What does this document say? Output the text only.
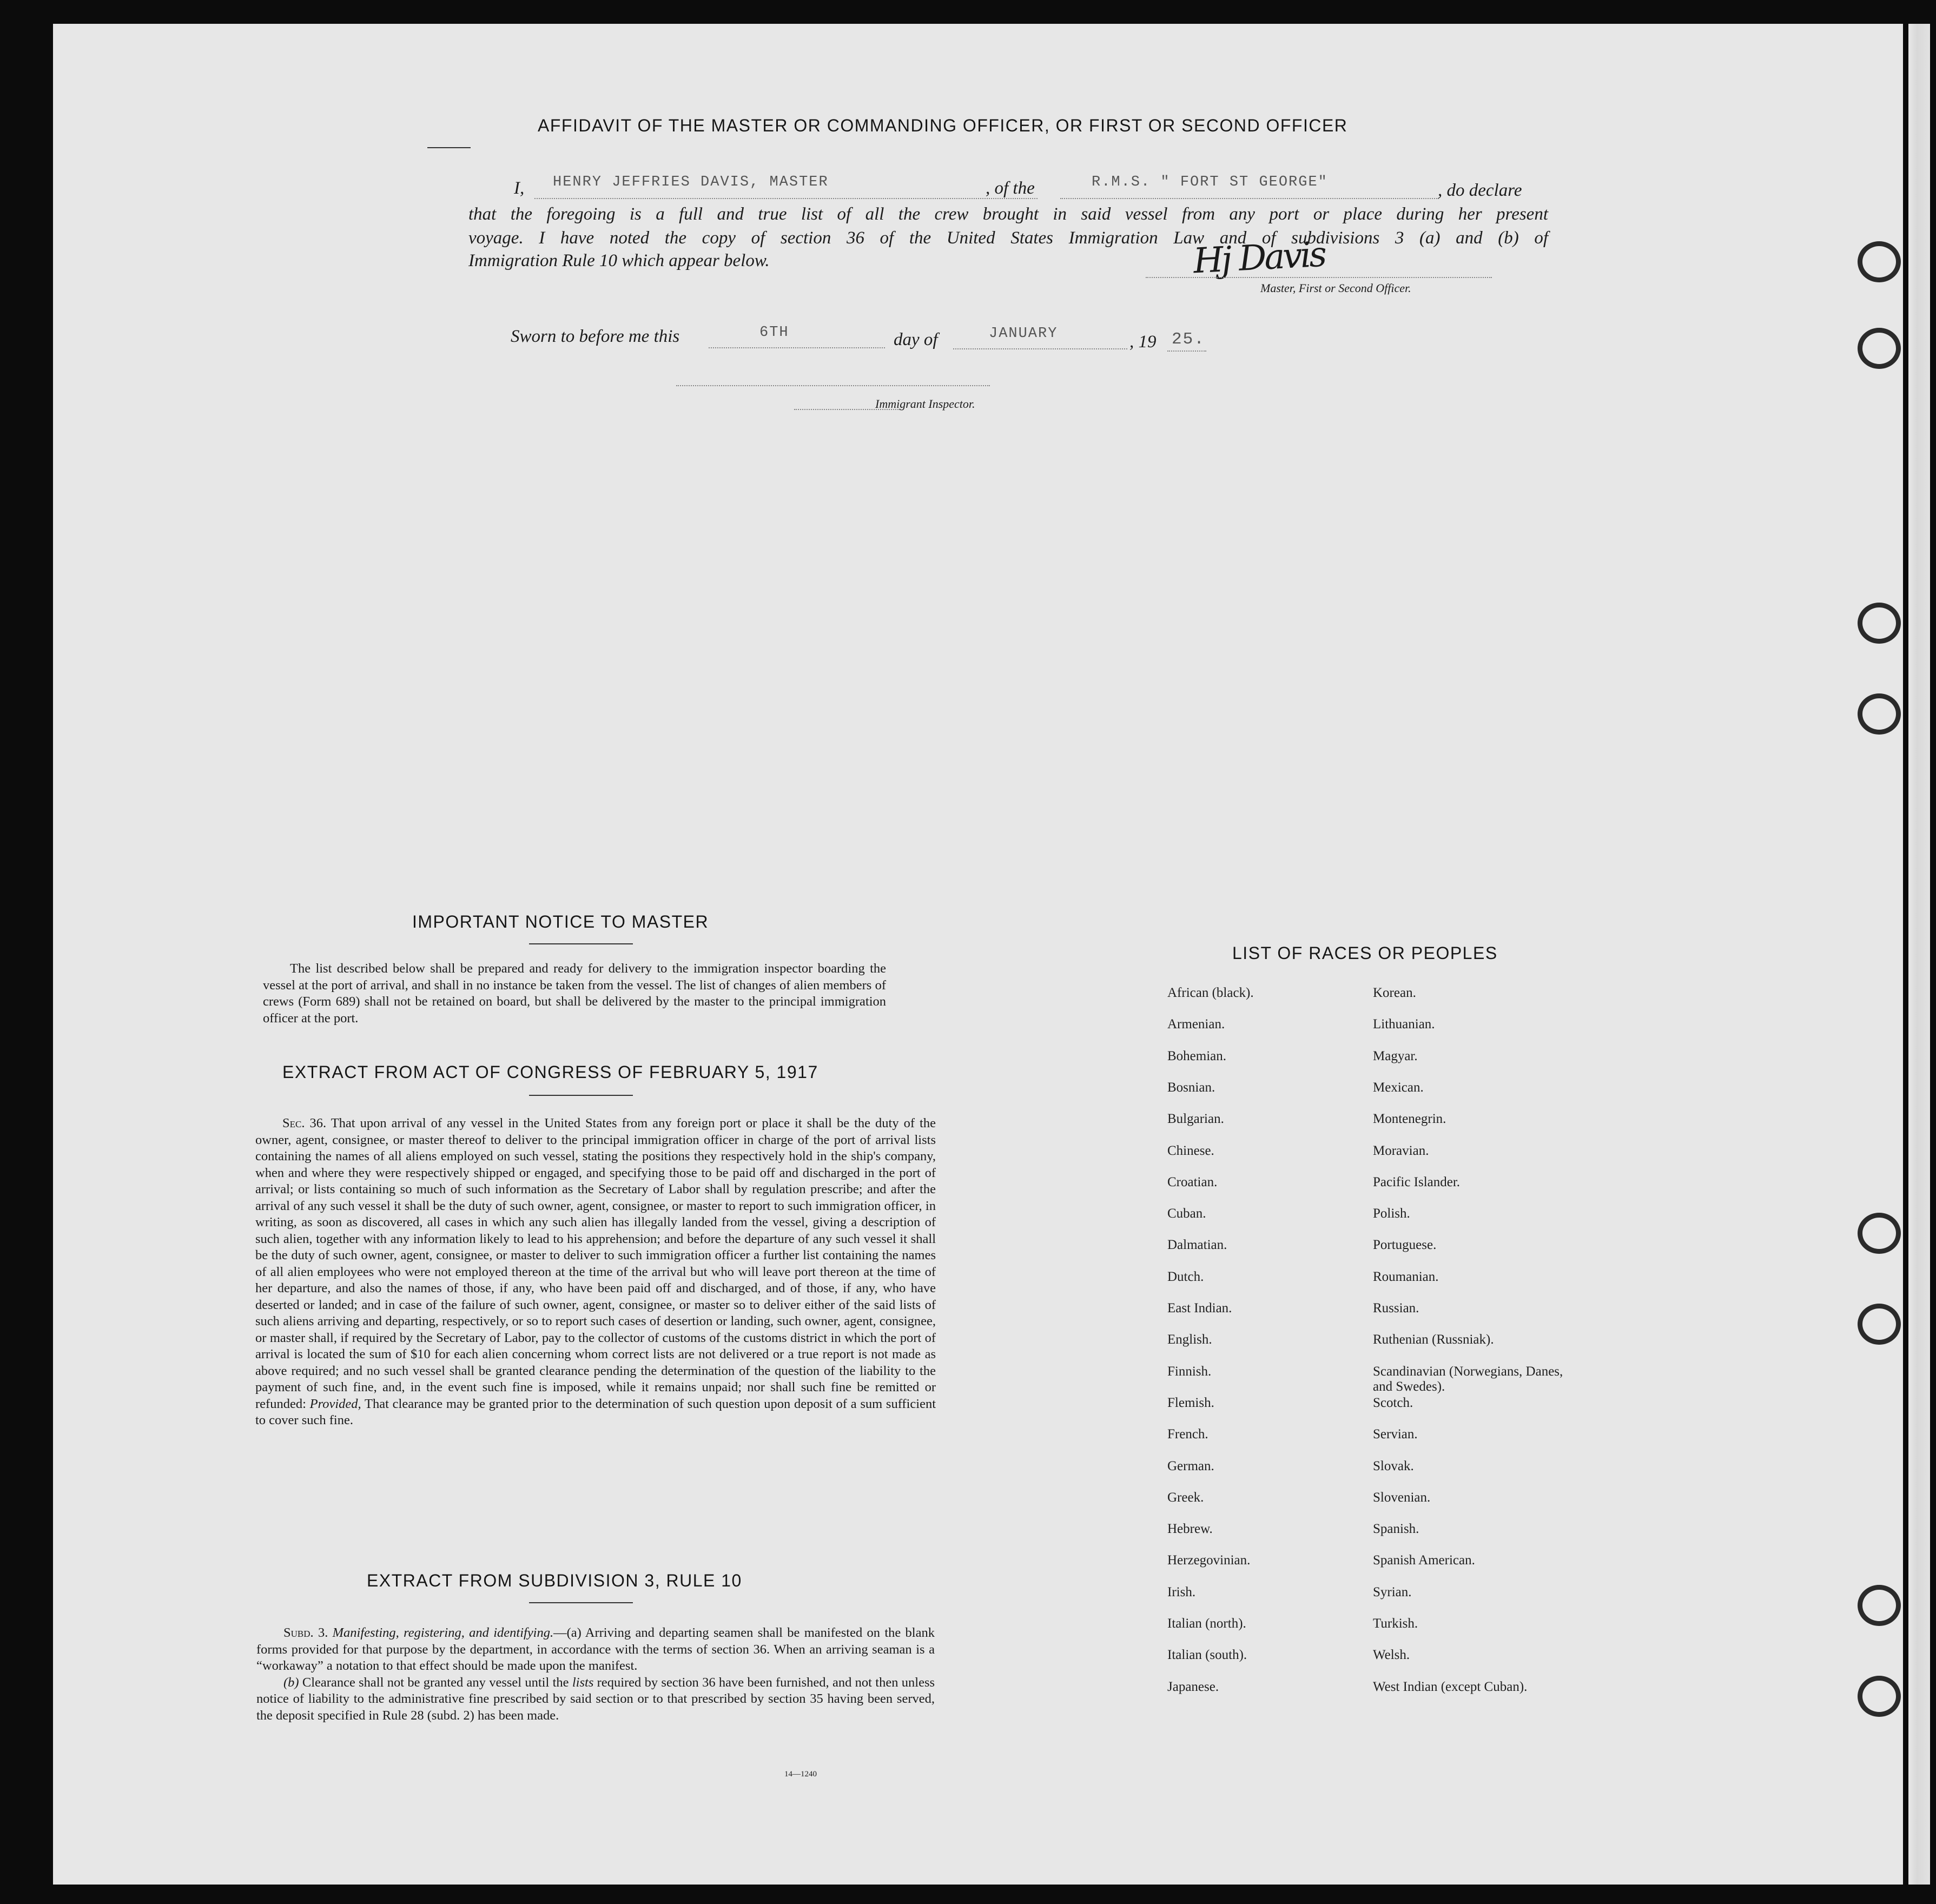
AFFIDAVIT OF THE MASTER OR COMMANDING OFFICER, OR FIRST OR SECOND OFFICER
I, HENRY JEFFRIES DAVIS, MASTER	, of the	R.M.S. " FORT ST GEORGE"	, do declare
that the foregoing is a full and true list of all the crew brought in said vessel from any port or place during her present
voyage. I have noted the copy of section 36 of the United States Immigration Law and of subdivisions 3 (a) and (b) of
Immigration Rule 10 which appear below.	Hj Davis
Master, First or Second Officer.
Sworn to before me this	6TH	day of	JANUARY	, 19 25.
Immigrant Inspector.
IMPORTANT NOTICE TO MASTER

The list described below shall be prepared and ready for delivery to the immigration inspector boarding the vessel at the port of arrival, and shall in no instance be taken from the vessel. The list of changes of alien members of crews (Form 689) shall not be retained on board, but shall be delivered by the master to the principal immigration officer at the port.

EXTRACT FROM ACT OF CONGRESS OF FEBRUARY 5, 1917

Sec. 36. That upon arrival of any vessel in the United States from any foreign port or place it shall be the duty of the owner, agent, consignee, or master thereof to deliver to the principal immigration officer in charge of the port of arrival lists containing the names of all aliens employed on such vessel, stating the positions they respectively hold in the ship's company, when and where they were respectively shipped or engaged, and specifying those to be paid off and discharged in the port of arrival; or lists containing so much of such information as the Secretary of Labor shall by regulation prescribe; and after the arrival of any such vessel it shall be the duty of such owner, agent, consignee, or master to report to such immigration officer, in writing, as soon as discovered, all cases in which any such alien has illegally landed from the vessel, giving a description of such alien, together with any information likely to lead to his apprehension; and before the departure of any such vessel it shall be the duty of such owner, agent, consignee, or master to deliver to such immigration officer a further list containing the names of all alien employees who were not employed thereon at the time of the arrival but who will leave port thereon at the time of her departure, and also the names of those, if any, who have been paid off and discharged, and of those, if any, who have deserted or landed; and in case of the failure of such owner, agent, consignee, or master so to deliver either of the said lists of such aliens arriving and departing, respectively, or so to report such cases of desertion or landing, such owner, agent, consignee, or master shall, if required by the Secretary of Labor, pay to the collector of customs of the customs district in which the port of arrival is located the sum of $10 for each alien concerning whom correct lists are not delivered or a true report is not made as above required; and no such vessel shall be granted clearance pending the determination of the question of the liability to the payment of such fine, and, in the event such fine is imposed, while it remains unpaid; nor shall such fine be remitted or refunded: Provided, That clearance may be granted prior to the determination of such question upon deposit of a sum sufficient to cover such fine.

EXTRACT FROM SUBDIVISION 3, RULE 10

Subd. 3. Manifesting, registering, and identifying.—(a) Arriving and departing seamen shall be manifested on the blank forms provided for that purpose by the department, in accordance with the terms of section 36. When an arriving seaman is a “workaway” a notation to that effect should be made upon the manifest.

(b) Clearance shall not be granted any vessel until the lists required by section 36 have been furnished, and not then unless notice of liability to the administrative fine prescribed by said section or to that prescribed by section 35 having been served, the deposit specified in Rule 28 (subd. 2) has been made.

14—1240
LIST OF RACES OR PEOPLES
African (black).
Armenian.
Bohemian.
Bosnian.
Bulgarian.
Chinese.
Croatian.
Cuban.
Dalmatian.
Dutch.
East Indian.
English.
Finnish.
Flemish.
French.
German.
Greek.
Hebrew.
Herzegovinian.
Irish.
Italian (north).
Italian (south).
Japanese.
Korean.
Lithuanian.
Magyar.
Mexican.
Montenegrin.
Moravian.
Pacific Islander.
Polish.
Portuguese.
Roumanian.
Russian.
Ruthenian (Russniak).
Scandinavian (Norwegians, Danes, and Swedes).
Scotch.
Servian.
Slovak.
Slovenian.
Spanish.
Spanish American.
Syrian.
Turkish.
Welsh.
West Indian (except Cuban).
